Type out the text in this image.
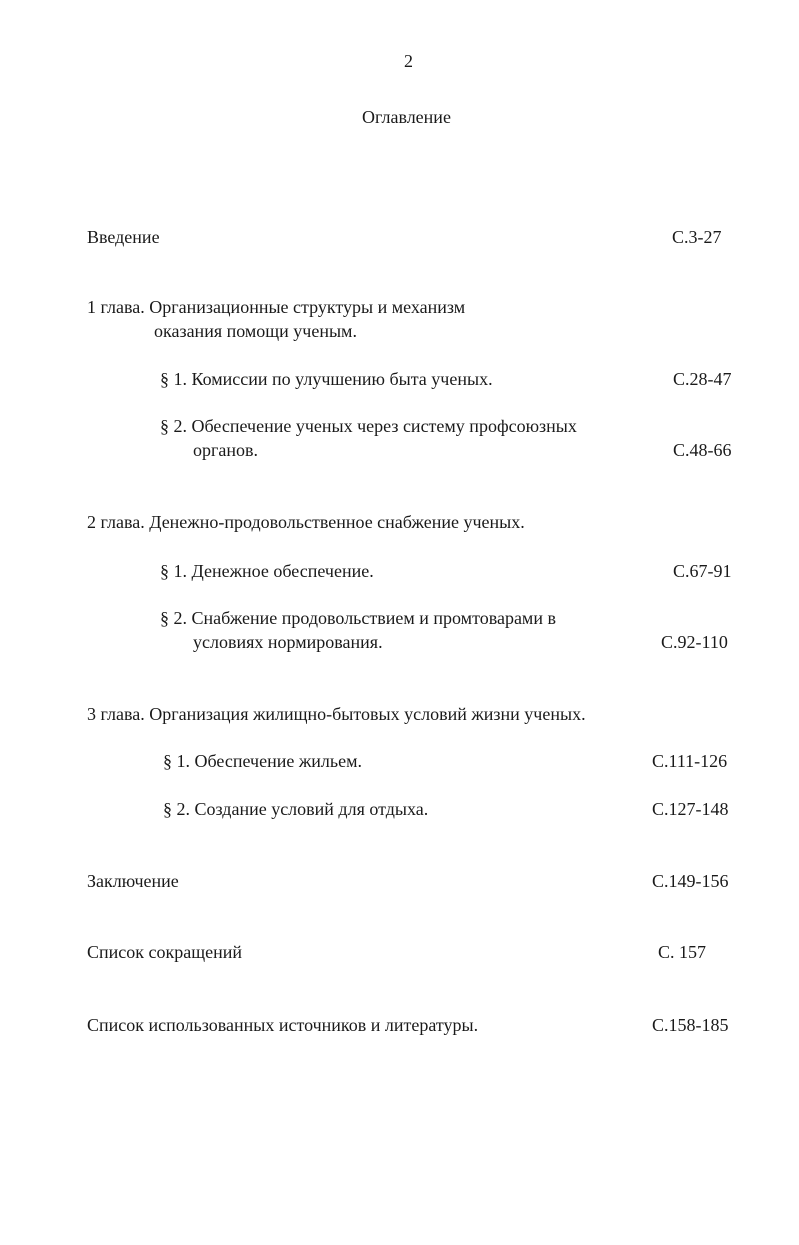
2
Оглавление
Введение	С.3-27
1 глава. Организационные структуры и механизм
оказания помощи ученым.
§ 1. Комиссии по улучшению быта ученых.	С.28-47
§ 2. Обеспечение ученых через систему профсоюзных
органов.	С.48-66
2 глава. Денежно-продовольственное снабжение ученых.
§ 1. Денежное обеспечение.	С.67-91
§ 2. Снабжение продовольствием и промтоварами в
условиях нормирования.	С.92-110
3 глава. Организация жилищно-бытовых условий жизни ученых.
§ 1. Обеспечение жильем.	С.111-126
§ 2. Создание условий для отдыха.	С.127-148
Заключение	С.149-156
Список сокращений	С. 157
Список использованных источников и литературы.	С.158-185
